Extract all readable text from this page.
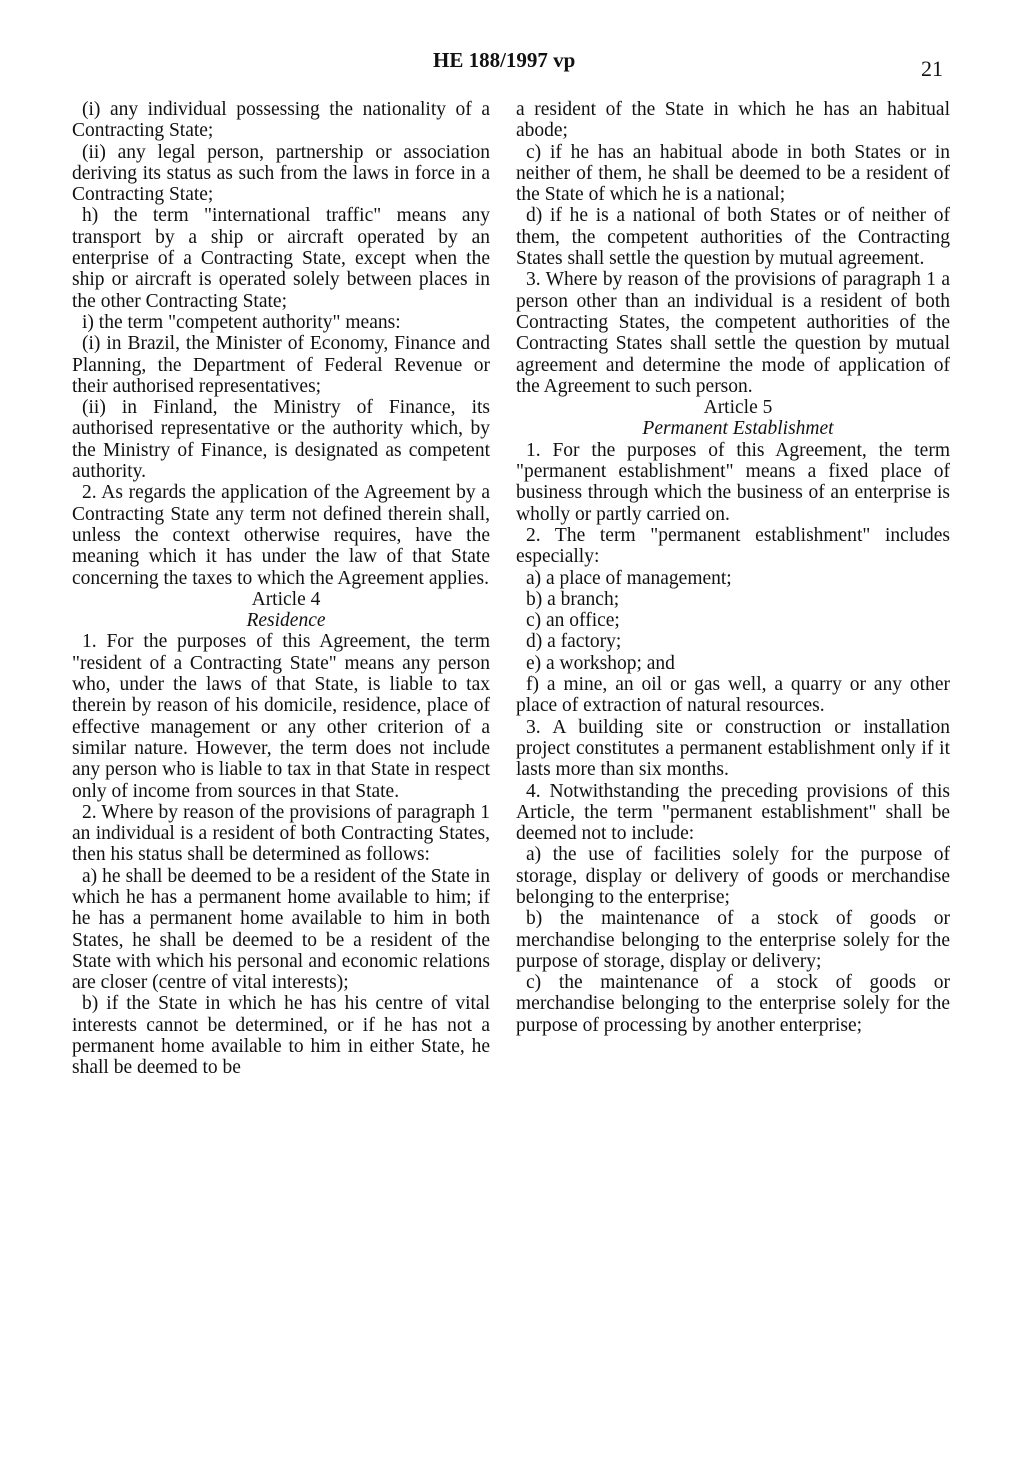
HE 188/1997 vp	21

(i) any individual possessing the nationality of a Contracting State;

(ii) any legal person, partnership or association deriving its status as such from the laws in force in a Contracting State;

h) the term "international traffic" means any transport by a ship or aircraft operated by an enterprise of a Contracting State, except when the ship or aircraft is operated solely between places in the other Contracting State;

i) the term "competent authority" means:

(i) in Brazil, the Minister of Economy, Finance and Planning, the Department of Federal Revenue or their authorised representatives;

(ii) in Finland, the Ministry of Finance, its authorised representative or the authority which, by the Ministry of Finance, is designated as competent authority.

2. As regards the application of the Agreement by a Contracting State any term not defined therein shall, unless the context otherwise requires, have the meaning which it has under the law of that State concerning the taxes to which the Agreement applies.

Article 4

Residence

1. For the purposes of this Agreement, the term "resident of a Contracting State" means any person who, under the laws of that State, is liable to tax therein by reason of his domicile, residence, place of effective management or any other criterion of a similar nature. However, the term does not include any person who is liable to tax in that State in respect only of income from sources in that State.

2. Where by reason of the provisions of paragraph 1 an individual is a resident of both Contracting States, then his status shall be determined as follows:

a) he shall be deemed to be a resident of the State in which he has a permanent home available to him; if he has a permanent home available to him in both States, he shall be deemed to be a resident of the State with which his personal and economic relations are closer (centre of vital interests);

b) if the State in which he has his centre of vital interests cannot be determined, or if he has not a permanent home available to him in either State, he shall be deemed to be

a resident of the State in which he has an habitual abode;

c) if he has an habitual abode in both States or in neither of them, he shall be deemed to be a resident of the State of which he is a national;

d) if he is a national of both States or of neither of them, the competent authorities of the Contracting States shall settle the question by mutual agreement.

3. Where by reason of the provisions of paragraph 1 a person other than an individual is a resident of both Contracting States, the competent authorities of the Contracting States shall settle the question by mutual agreement and determine the mode of application of the Agreement to such person.

Article 5

Permanent Establishmet

1. For the purposes of this Agreement, the term "permanent establishment" means a fixed place of business through which the business of an enterprise is wholly or partly carried on.

2. The term "permanent establishment" includes especially:

a) a place of management;

b) a branch;

c) an office;

d) a factory;

e) a workshop; and

f) a mine, an oil or gas well, a quarry or any other place of extraction of natural resources.

3. A building site or construction or installation project constitutes a permanent establishment only if it lasts more than six months.

4. Notwithstanding the preceding provisions of this Article, the term "permanent establishment" shall be deemed not to include:

a) the use of facilities solely for the purpose of storage, display or delivery of goods or merchandise belonging to the enterprise;

b) the maintenance of a stock of goods or merchandise belonging to the enterprise solely for the purpose of storage, display or delivery;

c) the maintenance of a stock of goods or merchandise belonging to the enterprise solely for the purpose of processing by another enterprise;
